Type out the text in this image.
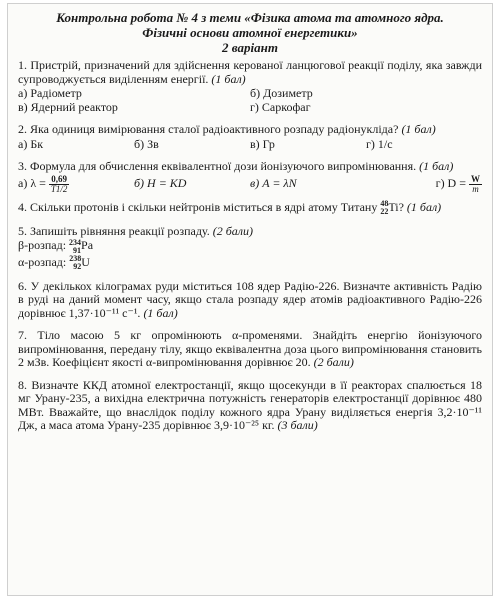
Контрольна робота № 4 з теми «Фізика атома та атомного ядра.
Фізичні основи атомної енергетики»
2 варіант
1. Пристрій, призначений для здійснення керованої ланцюгової реакції поділу, яка завжди супроводжується виділенням енергії. (1 бал)
а) Радіометр	б) Дозиметр
в) Ядерний реактор	г) Саркофаг
2. Яка одиниця вимірювання сталої радіоактивного розпаду радіонукліда? (1 бал)
а) Бк	б) Зв	в) Гр	г) 1/с
3. Формула для обчислення еквівалентної дози йонізуючого випромінювання. (1 бал)
а) $\lambda = \frac{0,69}{T1/2}$	б) H = KD	в) A = λN	г) $D = \frac{W}{m}$
4. Скільки протонів і скільки нейтронів міститься в ядрі атому Титану 48
22 Ti? (1 бал)
5. Запишіть рівняння реакції розпаду. (2 бали)
β-розпад: 234
91 Pa
α-розпад: 238
92 U
6. У декількох кілограмах руди міститься 108 ядер Радію-226. Визначте активність Радію в руді на даний момент часу, якщо стала розпаду ядер атомів радіоактивного Радію-226 дорівнює 1,37·10⁻¹¹ с⁻¹. (1 бал)
7. Тіло масою 5 кг опромінюють α-променями. Знайдіть енергію йонізуючого випромінювання, передану тілу, якщо еквівалентна доза цього випромінювання становить 2 мЗв. Коефіцієнт якості α-випромінювання дорівнює 20. (2 бали)
8. Визначте ККД атомної електростанції, якщо щосекунди в її реакторах спалюється 18 мг Урану-235, а вихідна електрична потужність генераторів електростанції дорівнює 480 МВт. Вважайте, що внаслідок поділу кожного ядра Урану виділяється енергія 3,2·10⁻¹¹ Дж, а маса атома Урану-235 дорівнює 3,9·10⁻²⁵ кг. (3 бали)
